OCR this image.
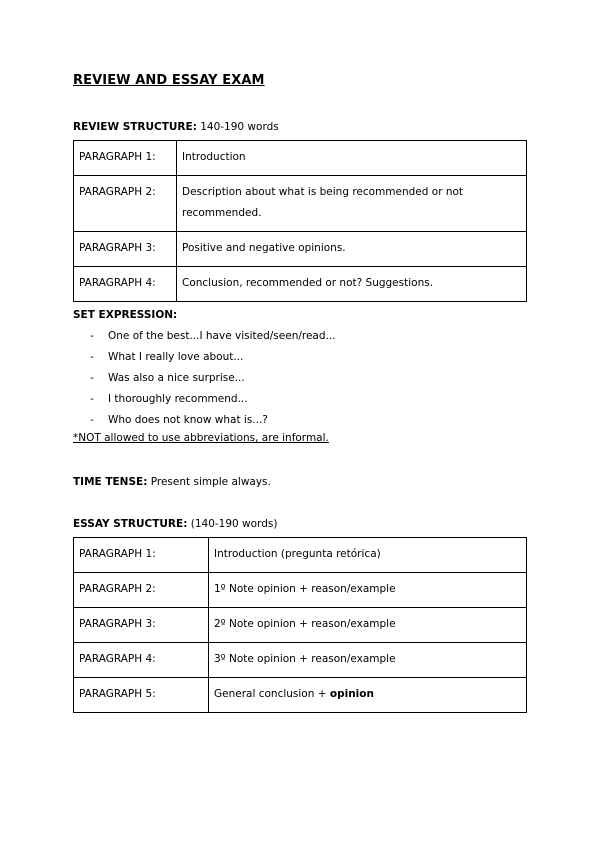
REVIEW AND ESSAY EXAM
REVIEW STRUCTURE: 140-190 words
PARAGRAPH 1:	Introduction
PARAGRAPH 2:	Description about what is being recommended or not recommended.
PARAGRAPH 3:	Positive and negative opinions.
PARAGRAPH 4:	Conclusion, recommended or not? Suggestions.
SET EXPRESSION:
- One of the best...I have visited/seen/read...
- What I really love about...
- Was also a nice surprise...
- I thoroughly recommend...
- Who does not know what is...?
*NOT allowed to use abbreviations, are informal.
TIME TENSE: Present simple always.
ESSAY STRUCTURE: (140-190 words)
PARAGRAPH 1:	Introduction (pregunta retórica)
PARAGRAPH 2:	1º Note opinion + reason/example
PARAGRAPH 3:	2º Note opinion + reason/example
PARAGRAPH 4:	3º Note opinion + reason/example
PARAGRAPH 5:	General conclusion + opinion
